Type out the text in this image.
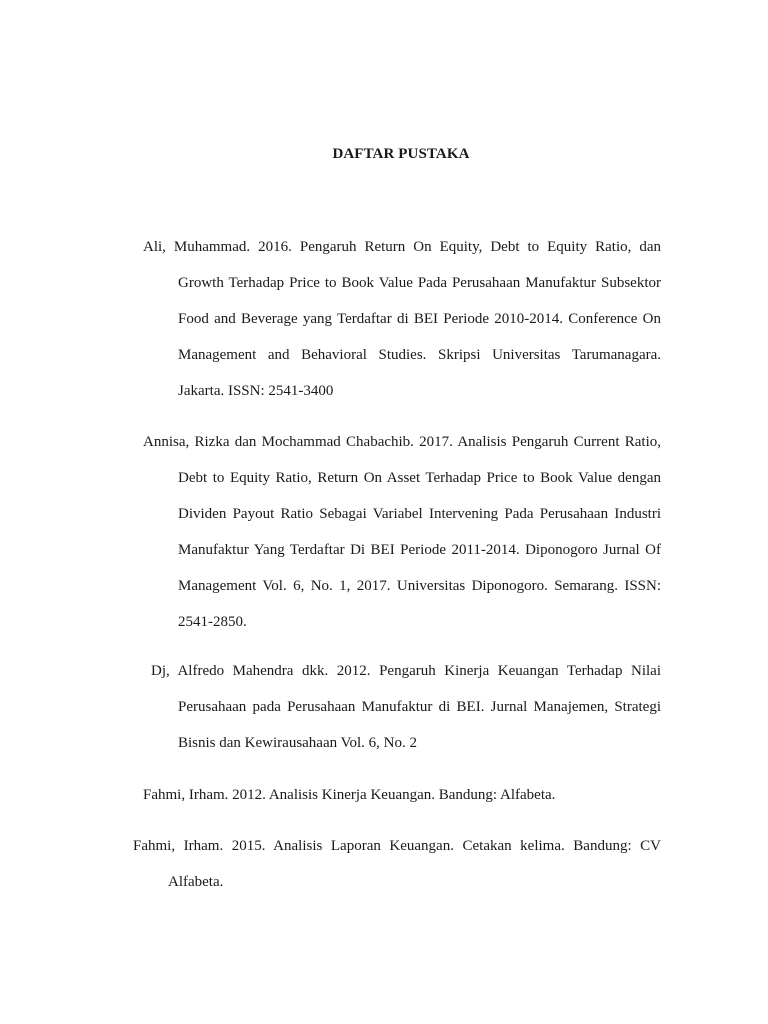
DAFTAR PUSTAKA
Ali, Muhammad. 2016. Pengaruh Return On Equity, Debt to Equity Ratio, dan Growth Terhadap Price to Book Value Pada Perusahaan Manufaktur Subsektor Food and Beverage yang Terdaftar di BEI Periode 2010-2014. Conference On Management and Behavioral Studies. Skripsi Universitas Tarumanagara. Jakarta. ISSN: 2541-3400
Annisa, Rizka dan Mochammad Chabachib. 2017. Analisis Pengaruh Current Ratio, Debt to Equity Ratio, Return On Asset Terhadap Price to Book Value dengan Dividen Payout Ratio Sebagai Variabel Intervening Pada Perusahaan Industri Manufaktur Yang Terdaftar Di BEI Periode 2011-2014. Diponogoro Jurnal Of Management Vol. 6, No. 1, 2017. Universitas Diponogoro. Semarang. ISSN: 2541-2850.
Dj, Alfredo Mahendra dkk. 2012. Pengaruh Kinerja Keuangan Terhadap Nilai Perusahaan pada Perusahaan Manufaktur di BEI. Jurnal Manajemen, Strategi Bisnis dan Kewirausahaan Vol. 6, No. 2
Fahmi, Irham. 2012. Analisis Kinerja Keuangan. Bandung: Alfabeta.
Fahmi, Irham. 2015. Analisis Laporan Keuangan. Cetakan kelima. Bandung: CV Alfabeta.
